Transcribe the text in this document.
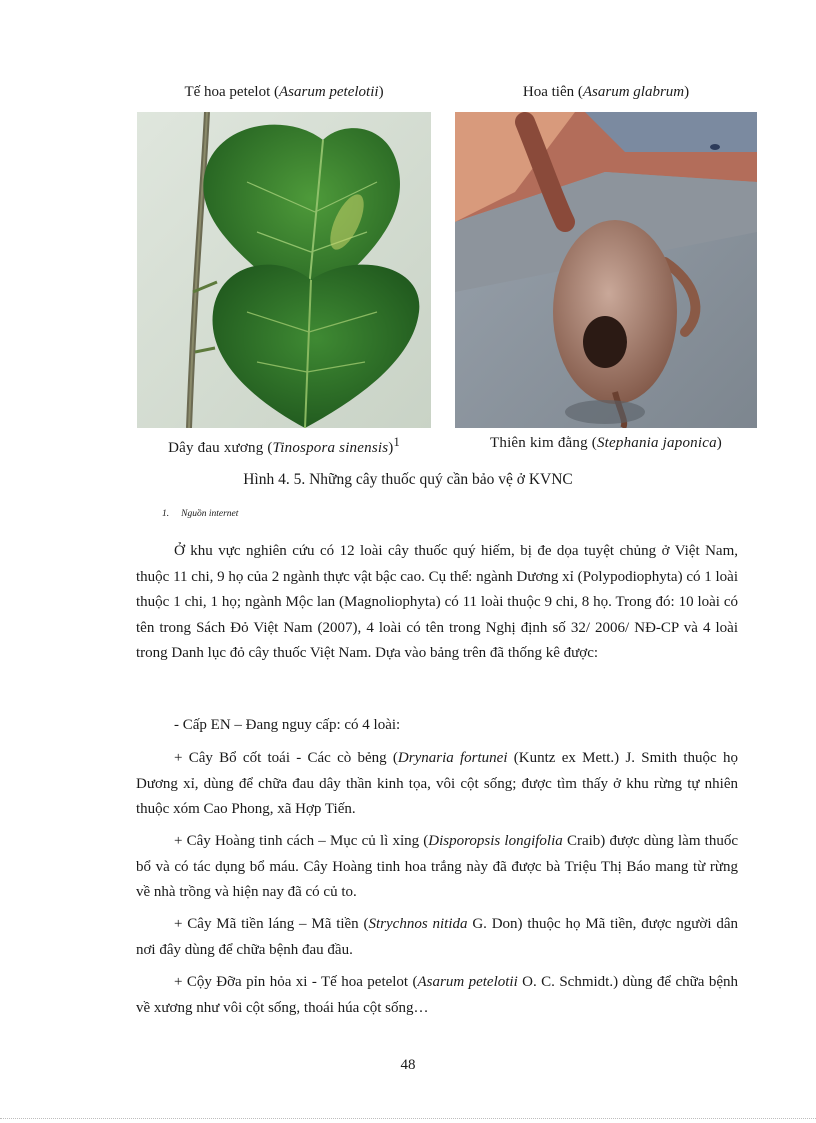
Tế hoa petelot (Asarum petelotii)	Hoa tiên (Asarum glabrum)
Dây đau xương (Tinospora sinensis)$^1$	Thiên kim đằng (Stephania japonica)
Hình 4. 5. Những cây thuốc quý cần bảo vệ ở KVNC
1. Nguồn internet

Ở khu vực nghiên cứu có 12 loài cây thuốc quý hiếm, bị đe dọa tuyệt chủng ở Việt Nam, thuộc 11 chi, 9 họ của 2 ngành thực vật bậc cao. Cụ thể: ngành Dương xỉ (Polypodiophyta) có 1 loài thuộc 1 chi, 1 họ; ngành Mộc lan (Magnoliophyta) có 11 loài thuộc 9 chi, 8 họ. Trong đó: 10 loài có tên trong Sách Đỏ Việt Nam (2007), 4 loài có tên trong Nghị định số 32/ 2006/ NĐ-CP và 4 loài trong Danh lục đỏ cây thuốc Việt Nam. Dựa vào bảng trên đã thống kê được:

- Cấp EN – Đang nguy cấp: có 4 loài:

+ Cây Bổ cốt toái - Các cò bẻng (Drynaria fortunei (Kuntz ex Mett.) J. Smith thuộc họ Dương xỉ, dùng để chữa đau dây thần kinh tọa, vôi cột sống; được tìm thấy ở khu rừng tự nhiên thuộc xóm Cao Phong, xã Hợp Tiến.

+ Cây Hoàng tinh cách – Mục củ lì xỉng (Disporopsis longifolia Craib) được dùng làm thuốc bổ và có tác dụng bổ máu. Cây Hoàng tinh hoa trắng này đã được bà Triệu Thị Báo mang từ rừng về nhà trồng và hiện nay đã có củ to.

+ Cây Mã tiền láng – Mã tiền (Strychnos nitida G. Don) thuộc họ Mã tiền, được người dân nơi đây dùng để chữa bệnh đau đầu.

+ Cộy Đỡa pỉn hỏa xi - Tế hoa petelot (Asarum petelotii O. C. Schmidt.) dùng để chữa bệnh về xương như vôi cột sống, thoái húa cột sống…

48
